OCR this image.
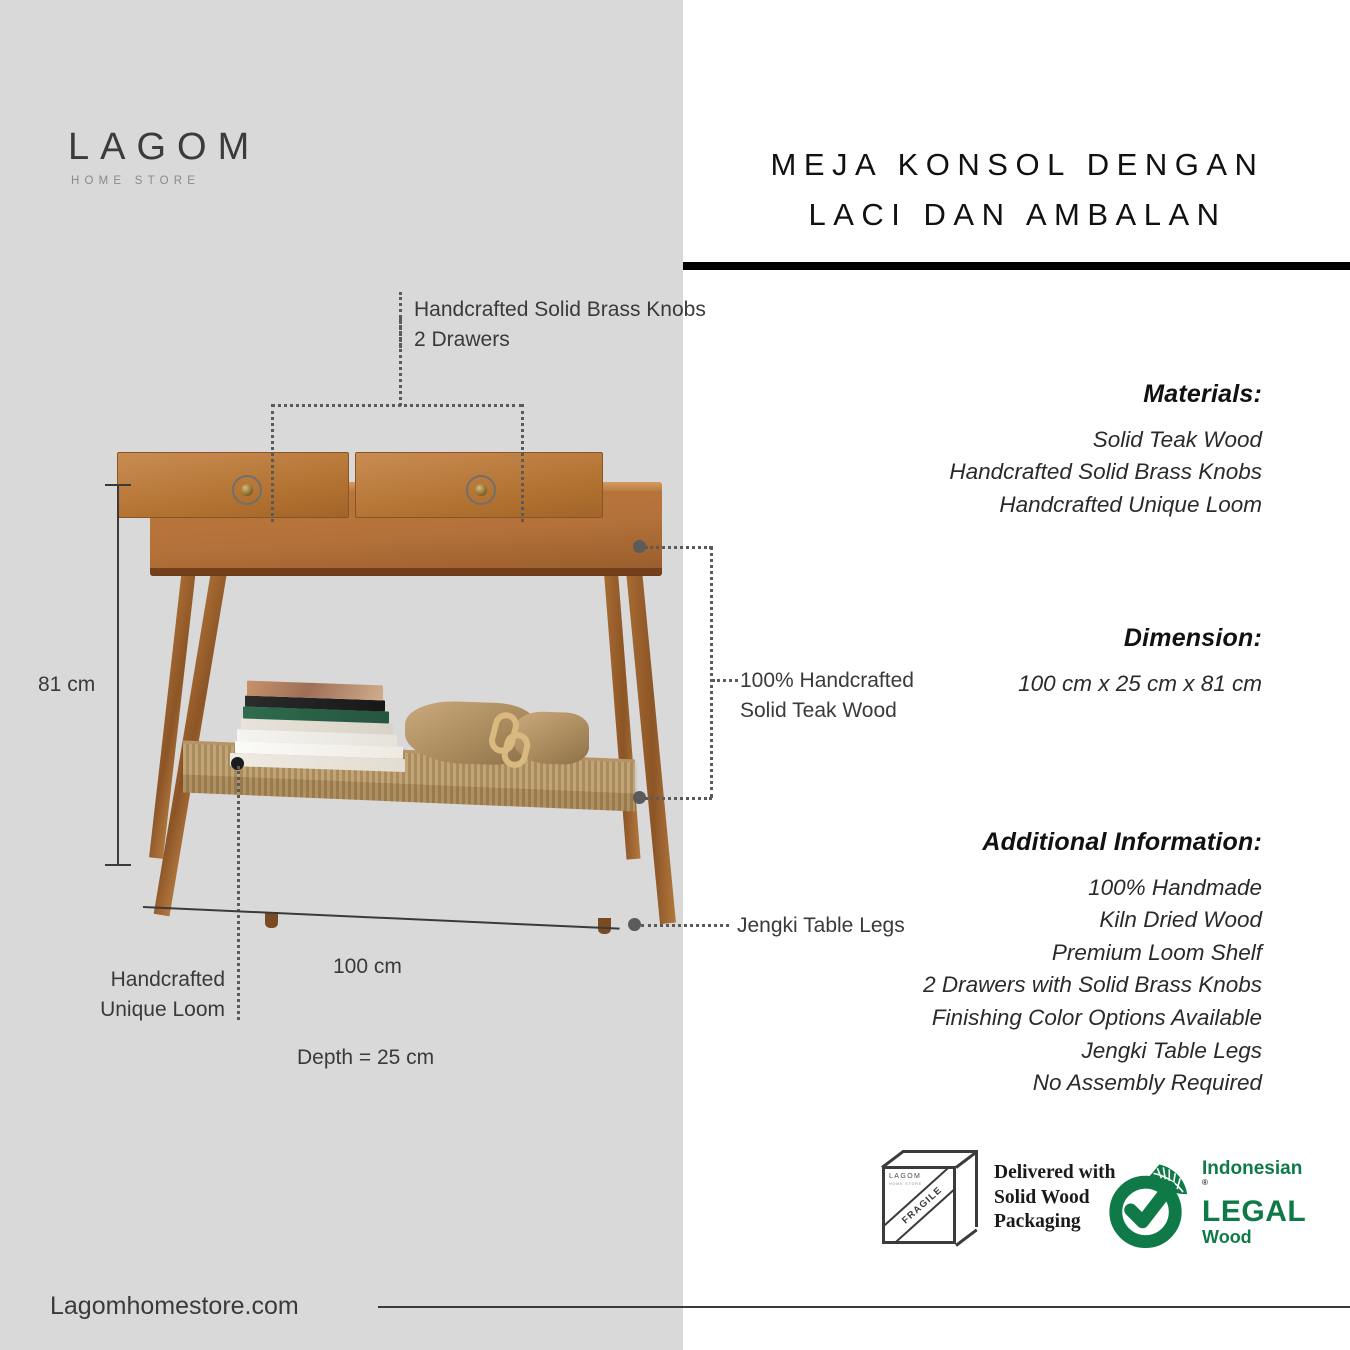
LAGOM
HOME STORE	MEJA KONSOL DENGAN
LACI DAN AMBALAN
Materials:
Solid Teak Wood
Handcrafted Solid Brass Knobs
Handcrafted Unique Loom
Dimension:
100 cm x 25 cm x 81 cm
Additional Information:
100% Handmade
Kiln Dried Wood
Premium Loom Shelf
2 Drawers with Solid Brass Knobs
Finishing Color Options Available
Jengki Table Legs
No Assembly Required
Handcrafted Solid Brass Knobs
2 Drawers
100% Handcrafted
Solid Teak Wood
Jengki Table Legs
Handcrafted
Unique Loom
81 cm
100 cm
Depth = 25 cm
FRAGILE
LAGOM
HOME STORE
Delivered with
Solid Wood
Packaging
Indonesian®
LEGAL
Wood
Lagomhomestore.com
